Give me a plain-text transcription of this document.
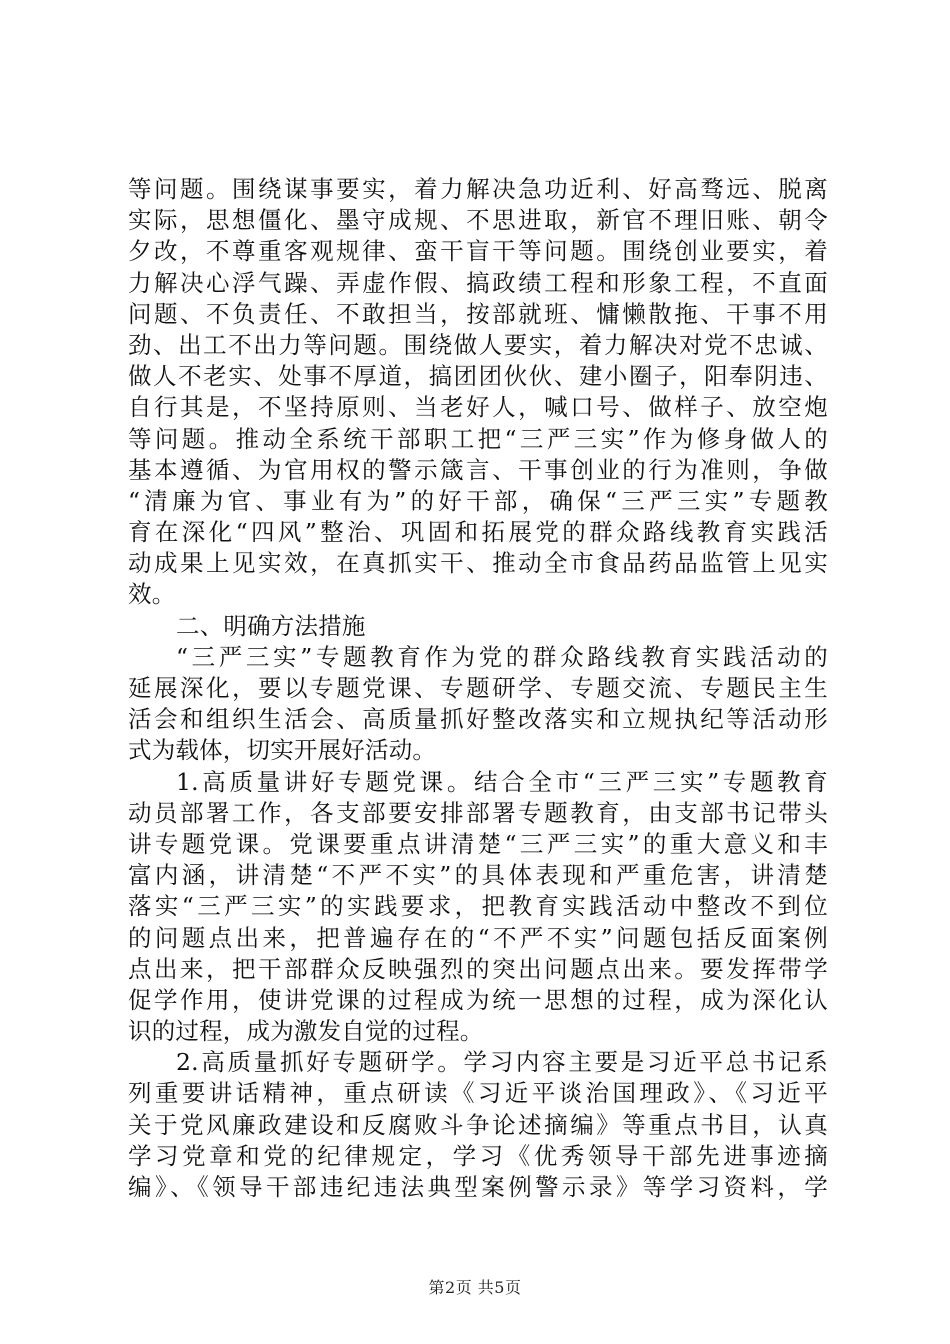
等问题。围绕谋事要实，着力解决急功近利、好高骛远、脱离
实际，思想僵化、墨守成规、不思进取，新官不理旧账、朝令
夕改，不尊重客观规律、蛮干盲干等问题。围绕创业要实，着
力解决心浮气躁、弄虚作假、搞政绩工程和形象工程，不直面
问题、不负责任、不敢担当，按部就班、慵懒散拖、干事不用
劲、出工不出力等问题。围绕做人要实，着力解决对党不忠诚、
做人不老实、处事不厚道，搞团团伙伙、建小圈子，阳奉阴违、
自行其是，不坚持原则、当老好人，喊口号、做样子、放空炮
等问题。推动全系统干部职工把“三严三实”作为修身做人的
基本遵循、为官用权的警示箴言、干事创业的行为准则，争做
“清廉为官、事业有为”的好干部，确保“三严三实”专题教
育在深化“四风”整治、巩固和拓展党的群众路线教育实践活
动成果上见实效，在真抓实干、推动全市食品药品监管上见实
效。
二、明确方法措施
“三严三实”专题教育作为党的群众路线教育实践活动的
延展深化，要以专题党课、专题研学、专题交流、专题民主生
活会和组织生活会、高质量抓好整改落实和立规执纪等活动形
式为载体，切实开展好活动。
1.高质量讲好专题党课。结合全市“三严三实”专题教育
动员部署工作，各支部要安排部署专题教育，由支部书记带头
讲专题党课。党课要重点讲清楚“三严三实”的重大意义和丰
富内涵，讲清楚“不严不实”的具体表现和严重危害，讲清楚
落实“三严三实”的实践要求，把教育实践活动中整改不到位
的问题点出来，把普遍存在的“不严不实”问题包括反面案例
点出来，把干部群众反映强烈的突出问题点出来。要发挥带学
促学作用，使讲党课的过程成为统一思想的过程，成为深化认
识的过程，成为激发自觉的过程。
2.高质量抓好专题研学。学习内容主要是习近平总书记系
列重要讲话精神，重点研读《习近平谈治国理政》、《习近平
关于党风廉政建设和反腐败斗争论述摘编》等重点书目，认真
学习党章和党的纪律规定，学习《优秀领导干部先进事迹摘
编》、《领导干部违纪违法典型案例警示录》等学习资料，学
第2页 共5页
